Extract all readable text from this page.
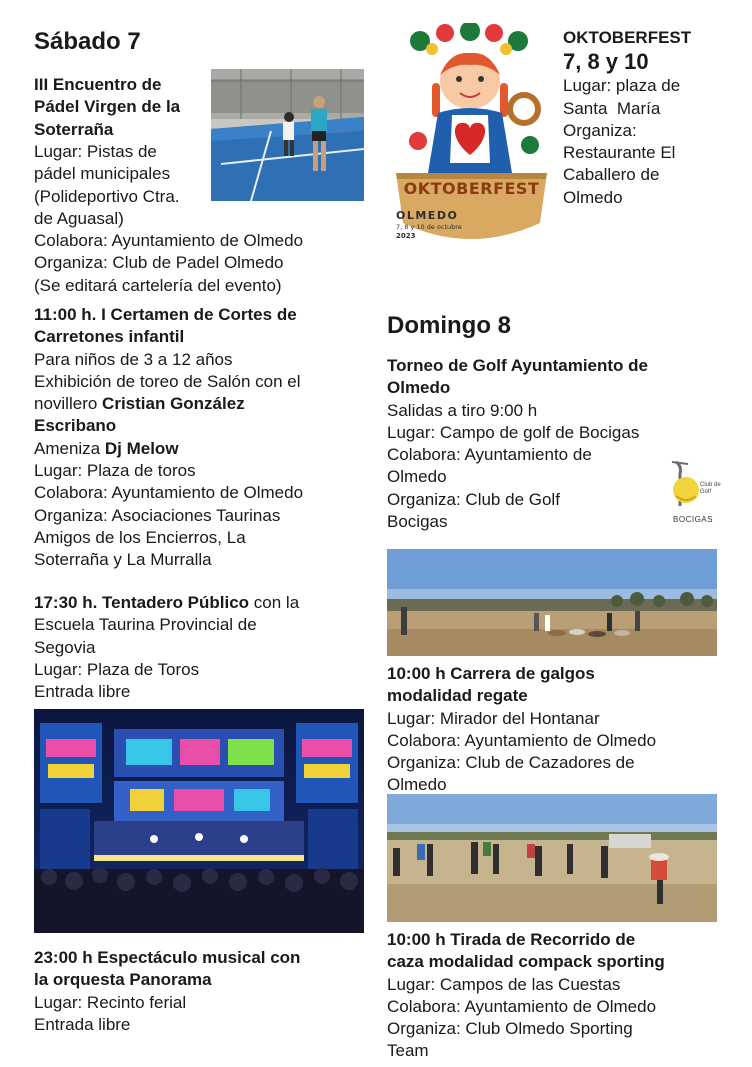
Sábado 7

III Encuentro de

Pádel Virgen de la

Soterraña

Lugar: Pistas de

pádel municipales

(Polideportivo Ctra.

de Aguasal)

Colabora: Ayuntamiento de Olmedo

Organiza: Club de Padel Olmedo

(Se editará cartelería del evento)

11:00 h. I Certamen de Cortes de

Carretones infantil

Para niños de 3 a 12 años

Exhibición de toreo de Salón con el

novillero Cristian González

Escribano

Ameniza Dj Melow

Lugar: Plaza de toros

Colabora: Ayuntamiento de Olmedo

Organiza: Asociaciones Taurinas

Amigos de los Encierros, La

Soterraña y La Murralla

17:30 h. Tentadero Público con la

Escuela Taurina Provincial de

Segovia

Lugar: Plaza de Toros

Entrada libre

23:00 h Espectáculo musical con

la orquesta Panorama

Lugar: Recinto ferial

Entrada libre

OKTOBERFEST
OLMEDO
7, 8 y 10 de octubre
2023

OKTOBERFEST

7, 8 y 10

Lugar: plaza de

Santa  María

Organiza:

Restaurante El

Caballero de

Olmedo

Domingo 8

Torneo de Golf Ayuntamiento de

Olmedo

Salidas a tiro 9:00 h

Lugar: Campo de golf de Bocigas

Colabora: Ayuntamiento de

Olmedo

Organiza: Club de Golf

Bocigas

Club de Golf
BOCIGAS

10:00 h Carrera de galgos

modalidad regate

Lugar: Mirador del Hontanar

Colabora: Ayuntamiento de Olmedo

Organiza: Club de Cazadores de

Olmedo

10:00 h Tirada de Recorrido de

caza modalidad compack sporting

Lugar: Campos de las Cuestas

Colabora: Ayuntamiento de Olmedo

Organiza: Club Olmedo Sporting

Team
